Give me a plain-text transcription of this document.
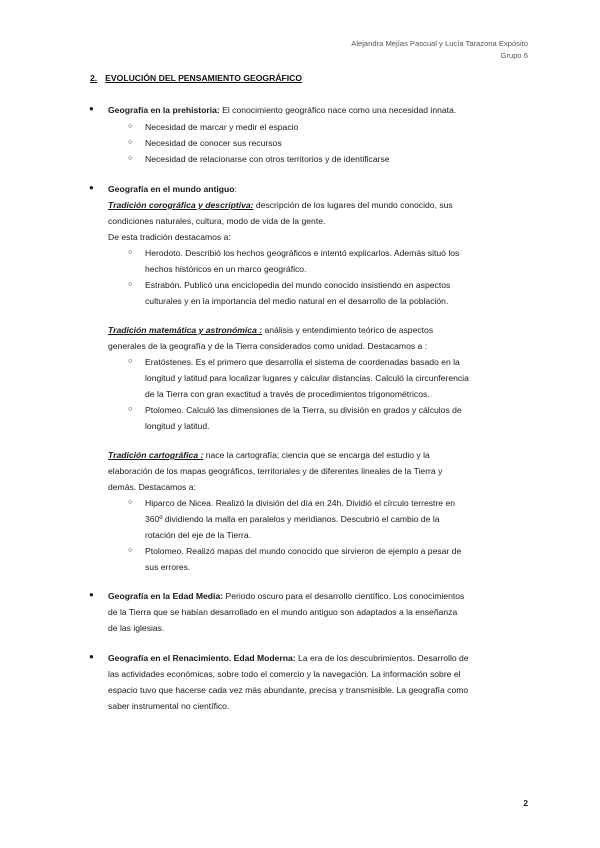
Alejandra Mejías Pascual y Lucía Tarazona Expósito
Grupo 6
2. EVOLUCIÓN DEL PENSAMIENTO GEOGRÁFICO
● Geografía en la prehistoria: El conocimiento geográfico nace como una necesidad innata.
○ Necesidad de marcar y medir el espacio
○ Necesidad de conocer sus recursos
○ Necesidad de relacionarse con otros territorios y de identificarse
● Geografía en el mundo antiguo:
Tradición corográfica y descriptiva: descripción de los lugares del mundo conocido, sus
condiciones naturales, cultura, modo de vida de la gente.
De esta tradición destacamos a:
○ Herodoto. Describió los hechos geográficos e intentó explicarlos. Además situó los
hechos históricos en un marco geográfico.
○ Estrabón. Publicó una enciclopedia del mundo conocido insistiendo en aspectos
culturales y en la importancia del medio natural en el desarrollo de la población.
Tradición matemática y astronómica : análisis y entendimiento teórico de aspectos
generales de la geografía y de la Tierra considerados como unidad. Destacamos a :
○ Eratóstenes. Es el primero que desarrolla el sistema de coordenadas basado en la
longitud y latitud para localizar lugares y calcular distancias. Calculó la circunferencia
de la Tierra con gran exactitud a través de procedimientos trigonométricos.
○ Ptolomeo. Calculó las dimensiones de la Tierra, su división en grados y cálculos de
longitud y latitud.
Tradición cartográfica : nace la cartografía; ciencia que se encarga del estudio y la
elaboración de los mapas geográficos, territoriales y de diferentes lineales de la Tierra y
demás. Destacamos a:
○ Hiparco de Nicea. Realizó la división del día en 24h. Dividió el círculo terrestre en
360º dividiendo la malla en paralelos y meridianos. Descubrió el cambio de la
rotación del eje de la Tierra.
○ Ptolomeo. Realizó mapas del mundo conocido que sirvieron de ejemplo a pesar de
sus errores.
● Geografía en la Edad Media: Periodo oscuro para el desarrollo científico. Los conocimientos
de la Tierra que se habían desarrollado en el mundo antiguo son adaptados a la enseñanza
de las iglesias.
● Geografía en el Renacimiento. Edad Moderna: La era de los descubrimientos. Desarrollo de
las actividades económicas, sobre todo el comercio y la navegación. La información sobre el
espacio tuvo que hacerse cada vez más abundante, precisa y transmisible. La geografía como
saber instrumental no científico.
2
